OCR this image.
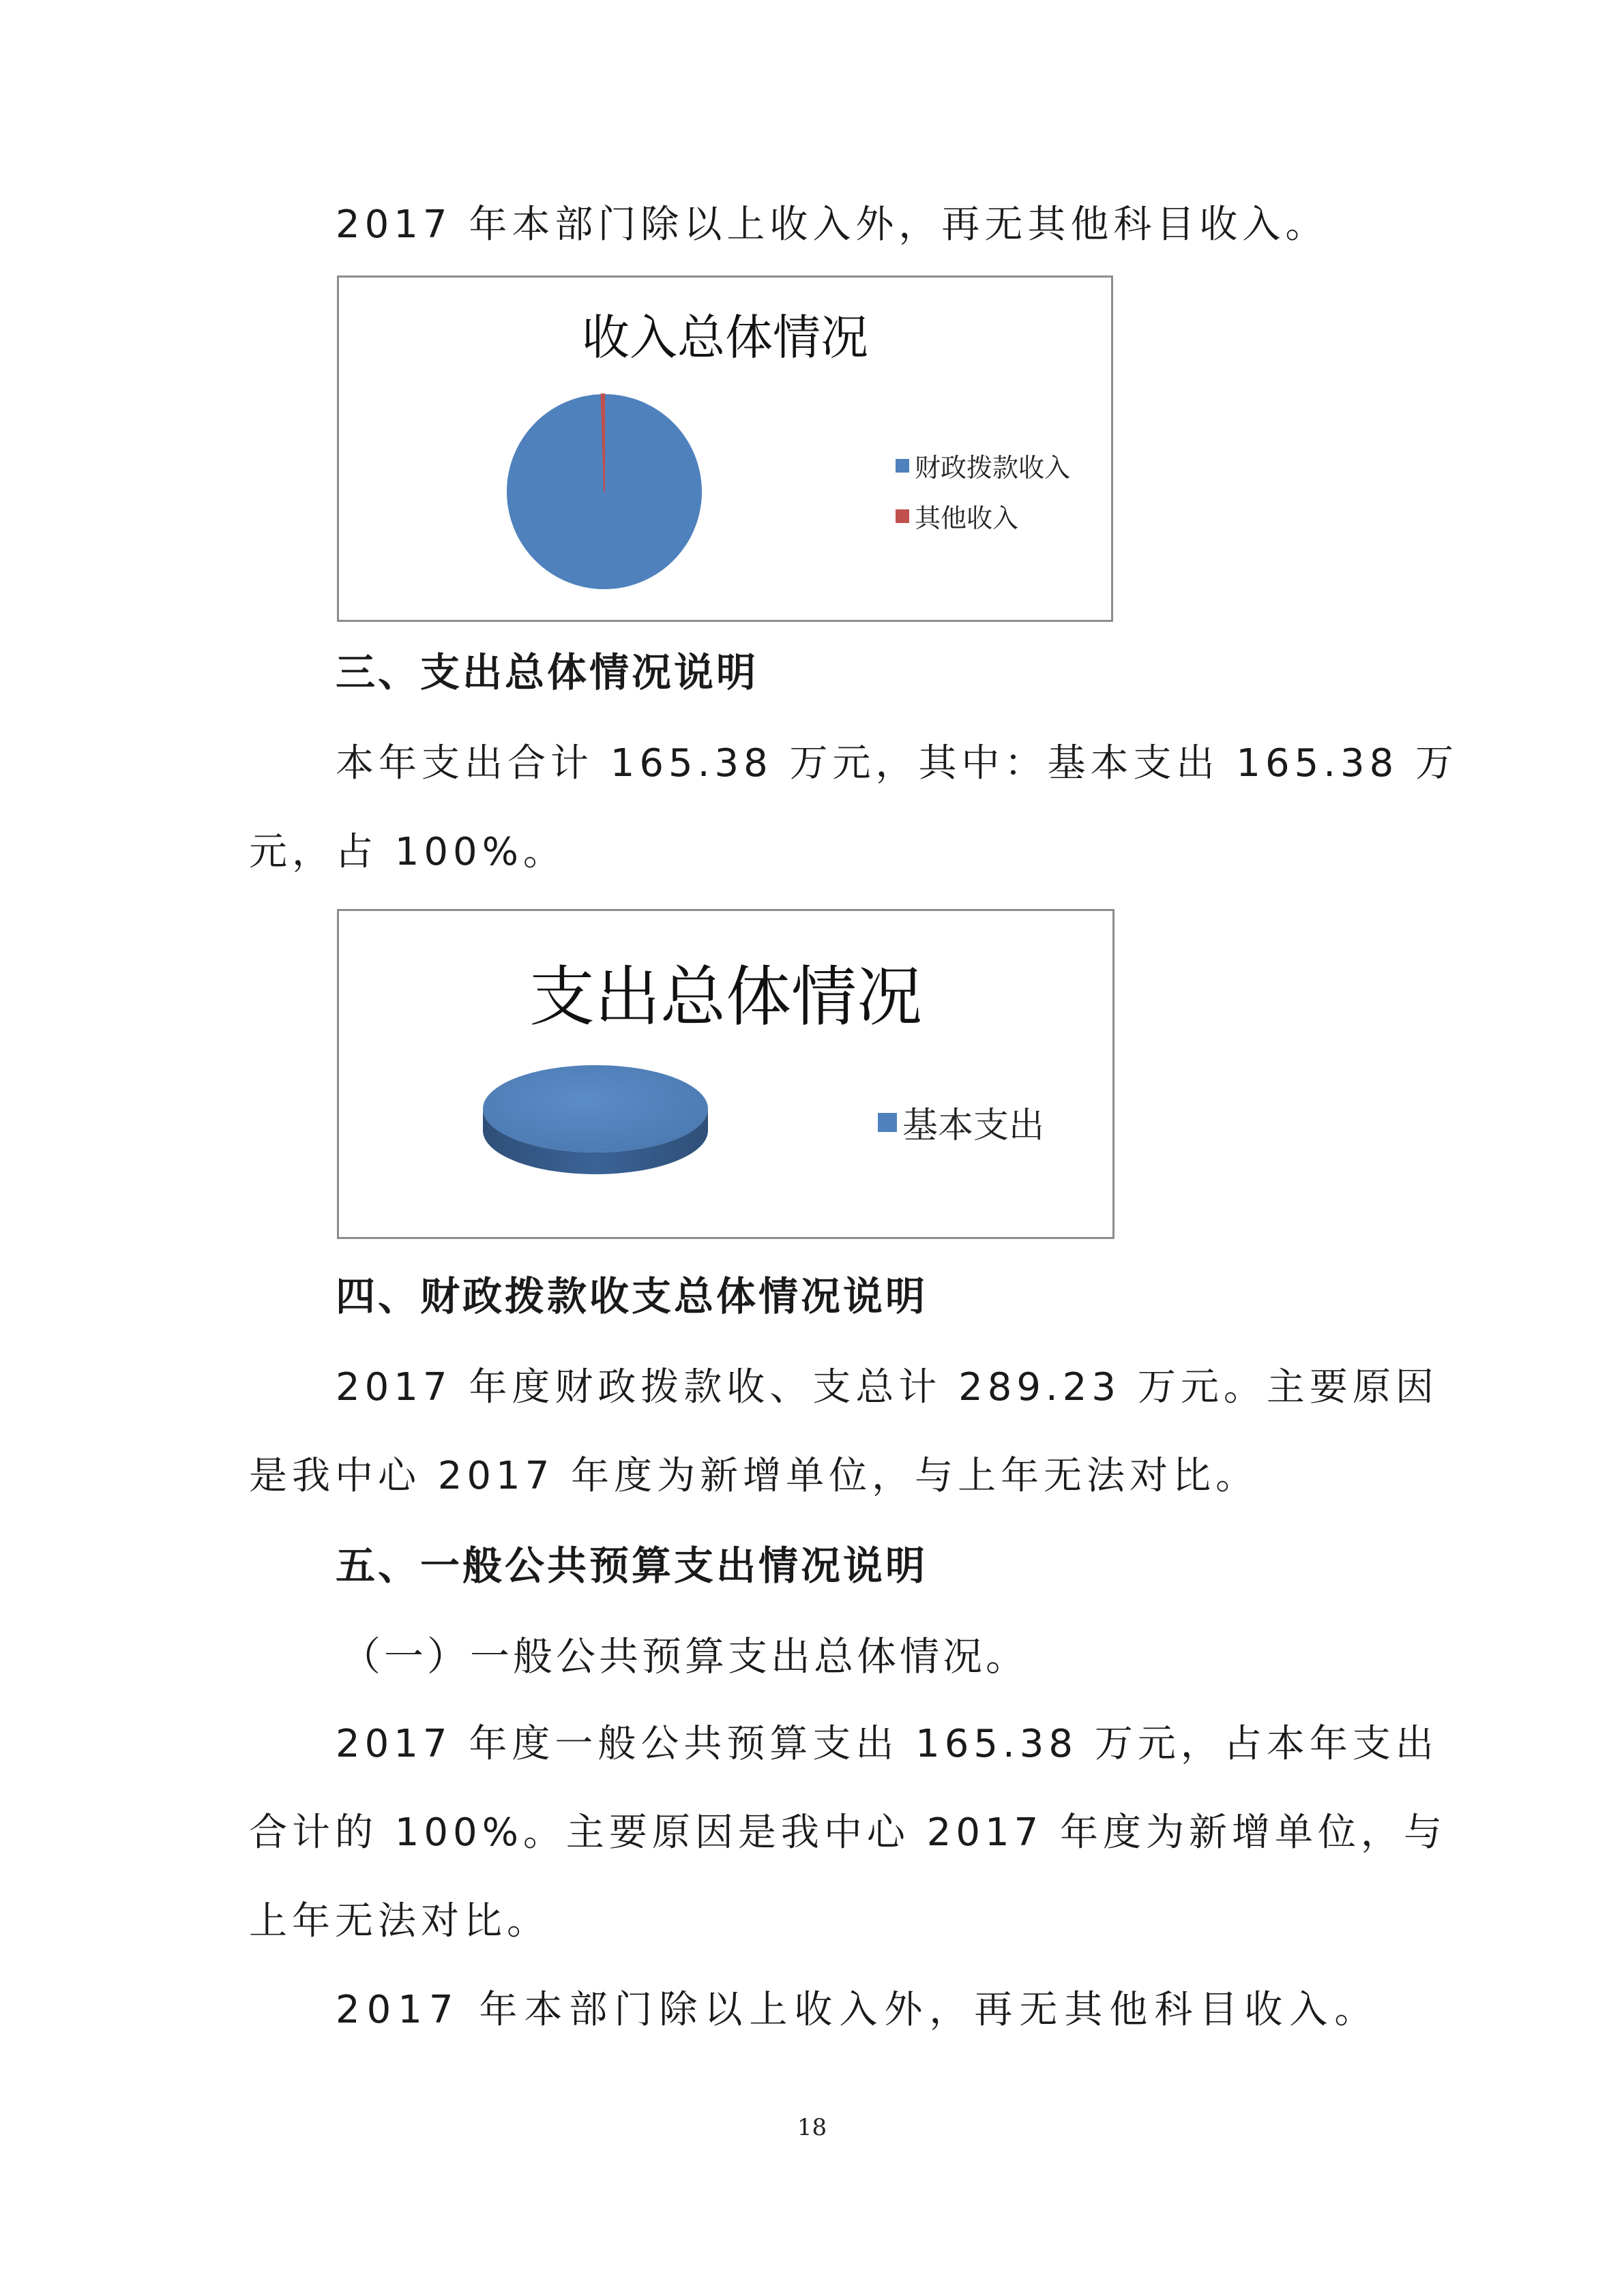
2017 年本部门除以上收入外，再无其他科目收入。
收入总体情况
财政拨款收入
其他收入
三、支出总体情况说明
本年支出合计 165.38 万元，其中：基本支出 165.38 万
元，占 100%。
支出总体情况
基本支出
四、财政拨款收支总体情况说明
2017 年度财政拨款收、支总计 289.23 万元。主要原因
是我中心 2017 年度为新增单位，与上年无法对比。
五、一般公共预算支出情况说明
（一）一般公共预算支出总体情况。
2017 年度一般公共预算支出 165.38 万元，占本年支出
合计的 100%。主要原因是我中心 2017 年度为新增单位，与
上年无法对比。
2017 年本部门除以上收入外，再无其他科目收入。
18
